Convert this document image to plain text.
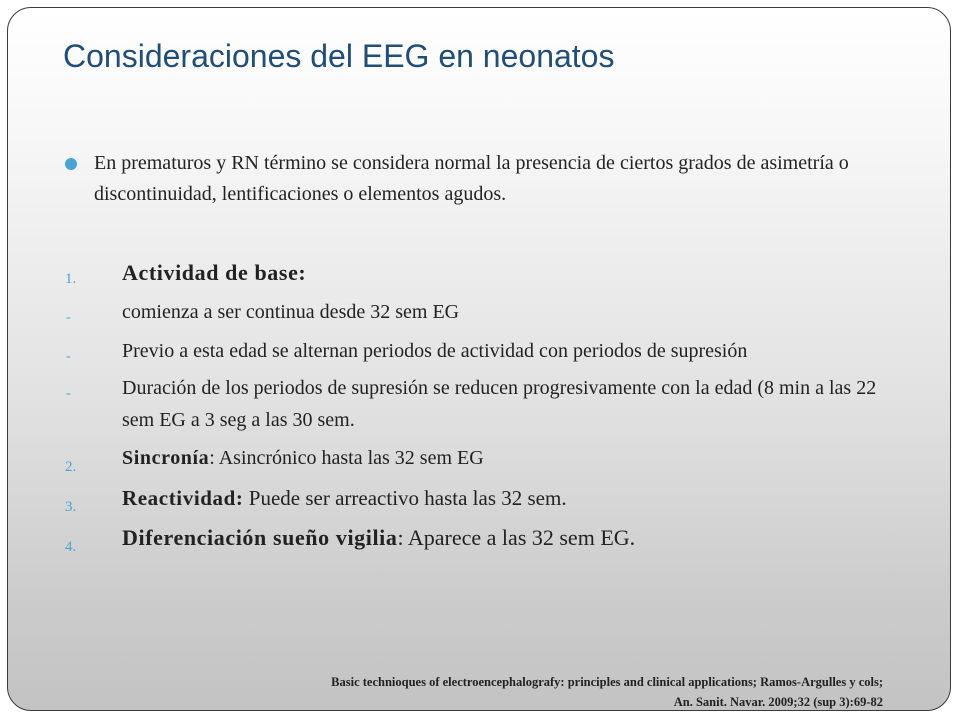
Consideraciones del EEG en neonatos
En prematuros y RN término se considera normal la presencia de ciertos grados de asimetría o discontinuidad, lentificaciones o elementos agudos.
1. Actividad de base:
-	comienza a ser continua desde 32 sem EG
-	Previo a esta edad se alternan periodos de actividad con periodos de supresión
-	Duración de los periodos de supresión se reducen progresivamente con la edad (8 min a las 22 sem EG a 3 seg a las 30 sem.
2. Sincronía: Asincrónico hasta las 32 sem EG
3. Reactividad: Puede ser arreactivo hasta las 32 sem.
4. Diferenciación sueño vigilia: Aparece a las 32 sem EG.
Basic technioques of electroencephalografy: principles and clinical applications; Ramos-Argulles y cols;
An. Sanit. Navar. 2009;32 (sup 3):69-82
